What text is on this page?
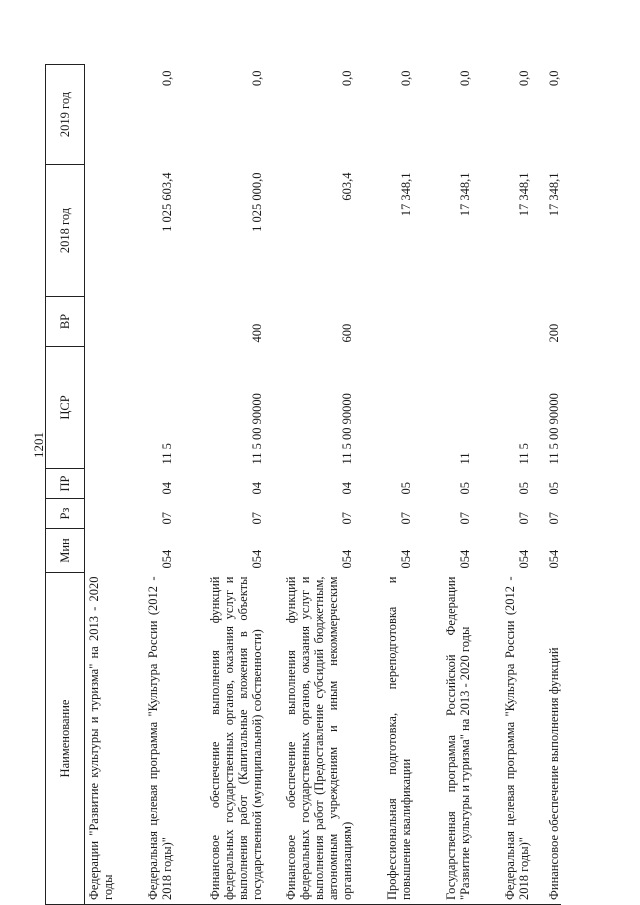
1201
Наименование	Мин	Рз	ПР	ЦСР	ВР	2018 год	2019 год
Федерации "Развитие культуры и туризма" на 2013 - 2020 годы							
Федеральная целевая программа "Культура России (2012 - 2018 годы)"	054	07	04	11 5		1 025 603,4	0,0
Финансовое обеспечение выполнения функций федеральных государственных органов, оказания услуг и выполнения работ (Капитальные вложения в объекты государственной (муниципальной) собственности)	054	07	04	11 5 00 90000	400	1 025 000,0	0,0
Финансовое обеспечение выполнения функций федеральных государственных органов, оказания услуг и выполнения работ (Предоставление субсидий бюджетным, автономным учреждениям и иным некоммерческим организациям)	054	07	04	11 5 00 90000	600	603,4	0,0
Профессиональная подготовка, переподготовка и повышение квалификации	054	07	05			17 348,1	0,0
Государственная программа Российской Федерации "Развитие культуры и туризма" на 2013 - 2020 годы	054	07	05	11		17 348,1	0,0
Федеральная целевая программа "Культура России (2012 - 2018 годы)"	054	07	05	11 5		17 348,1	0,0
Финансовое обеспечение выполнения функций	054	07	05	11 5 00 90000	200	17 348,1	0,0
